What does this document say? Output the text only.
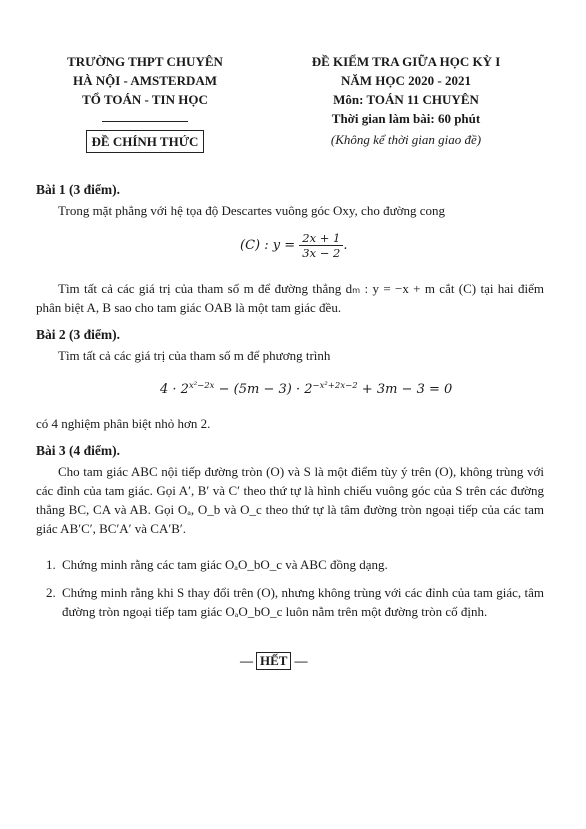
TRƯỜNG THPT CHUYÊN
HÀ NỘI - AMSTERDAM
TỔ TOÁN - TIN HỌC
ĐỀ CHÍNH THỨC
ĐỀ KIỂM TRA GIỮA HỌC KỲ I
NĂM HỌC 2020 - 2021
Môn: TOÁN 11 CHUYÊN
Thời gian làm bài: 60 phút
(Không kể thời gian giao đề)
Bài 1 (3 điểm).
Trong mặt phẳng với hệ tọa độ Descartes vuông góc Oxy, cho đường cong
(C) : $y = \frac{2x + 1}{3x - 2}$ .
Tìm tất cả các giá trị của tham số m để đường thẳng dₘ : y = −x + m cắt (C) tại hai điểm phân biệt A, B sao cho tam giác OAB là một tam giác đều.
Bài 2 (3 điểm).
Tìm tất cả các giá trị của tham số m để phương trình
$4 \cdot 2^{x^2-2x} - (5m - 3) \cdot 2^{-x^2+2x-2} + 3m - 3 = 0$
có 4 nghiệm phân biệt nhỏ hơn 2.
Bài 3 (4 điểm).
Cho tam giác ABC nội tiếp đường tròn (O) và S là một điểm tùy ý trên (O), không trùng với các đỉnh của tam giác. Gọi A′, B′ và C′ theo thứ tự là hình chiếu vuông góc của S trên các đường thẳng BC, CA và AB. Gọi Oₐ, O_b và O_c theo thứ tự là tâm đường tròn ngoại tiếp của các tam giác AB′C′, BC′A′ và CA′B′.
1. Chứng minh rằng các tam giác OₐO_bO_c và ABC đồng dạng.
2. Chứng minh rằng khi S thay đổi trên (O), nhưng không trùng với các đỉnh của tam giác, tâm đường tròn ngoại tiếp tam giác OₐO_bO_c luôn nằm trên một đường tròn cố định.
— HẾT —
